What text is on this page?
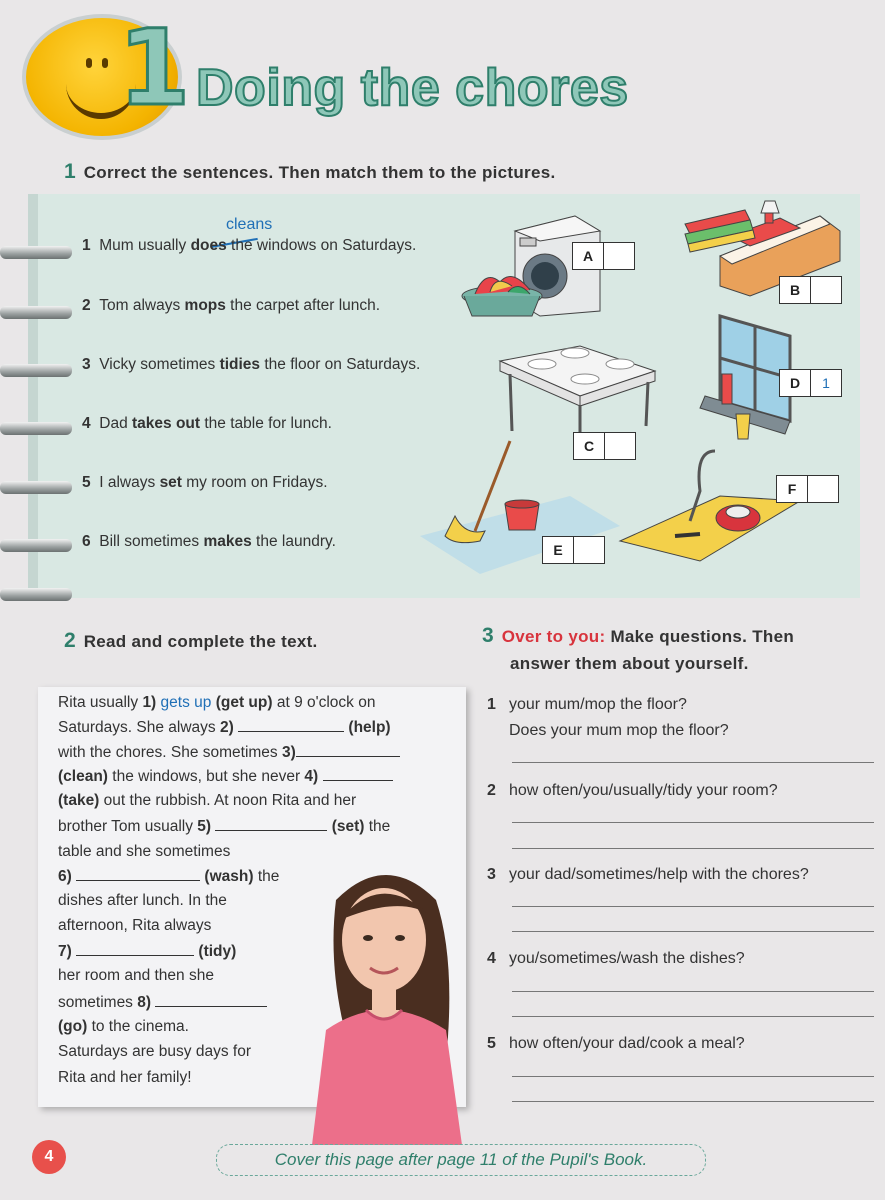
1 Doing the chores
1 Correct the sentences. Then match them to the pictures.
cleans
1 Mum usually does the windows on Saturdays.
2 Tom always mops the carpet after lunch.
3 Vicky sometimes tidies the floor on Saturdays.
4 Dad takes out the table for lunch.
5 I always set my room on Fridays.
6 Bill sometimes makes the laundry.
A
B
D	1
C
F
E
2 Read and complete the text.
Rita usually 1) gets up (get up) at 9 o'clock on
Saturdays. She always 2)	(help)
with the chores. She sometimes 3)
(clean) the windows, but she never 4)
(take) out the rubbish. At noon Rita and her
brother Tom usually 5)	(set) the
table and she sometimes
6)	(wash) the
dishes after lunch. In the
afternoon, Rita always
7)	(tidy)
her room and then she
sometimes 8)
(go) to the cinema.
Saturdays are busy days for
Rita and her family!
3 Over to you: Make questions. Then
answer them about yourself.
1 your mum/mop the floor?
Does your mum mop the floor?
2 how often/you/usually/tidy your room?
3 your dad/sometimes/help with the chores?
4 you/sometimes/wash the dishes?
5 how often/your dad/cook a meal?
4	Cover this page after page 11 of the Pupil's Book.
